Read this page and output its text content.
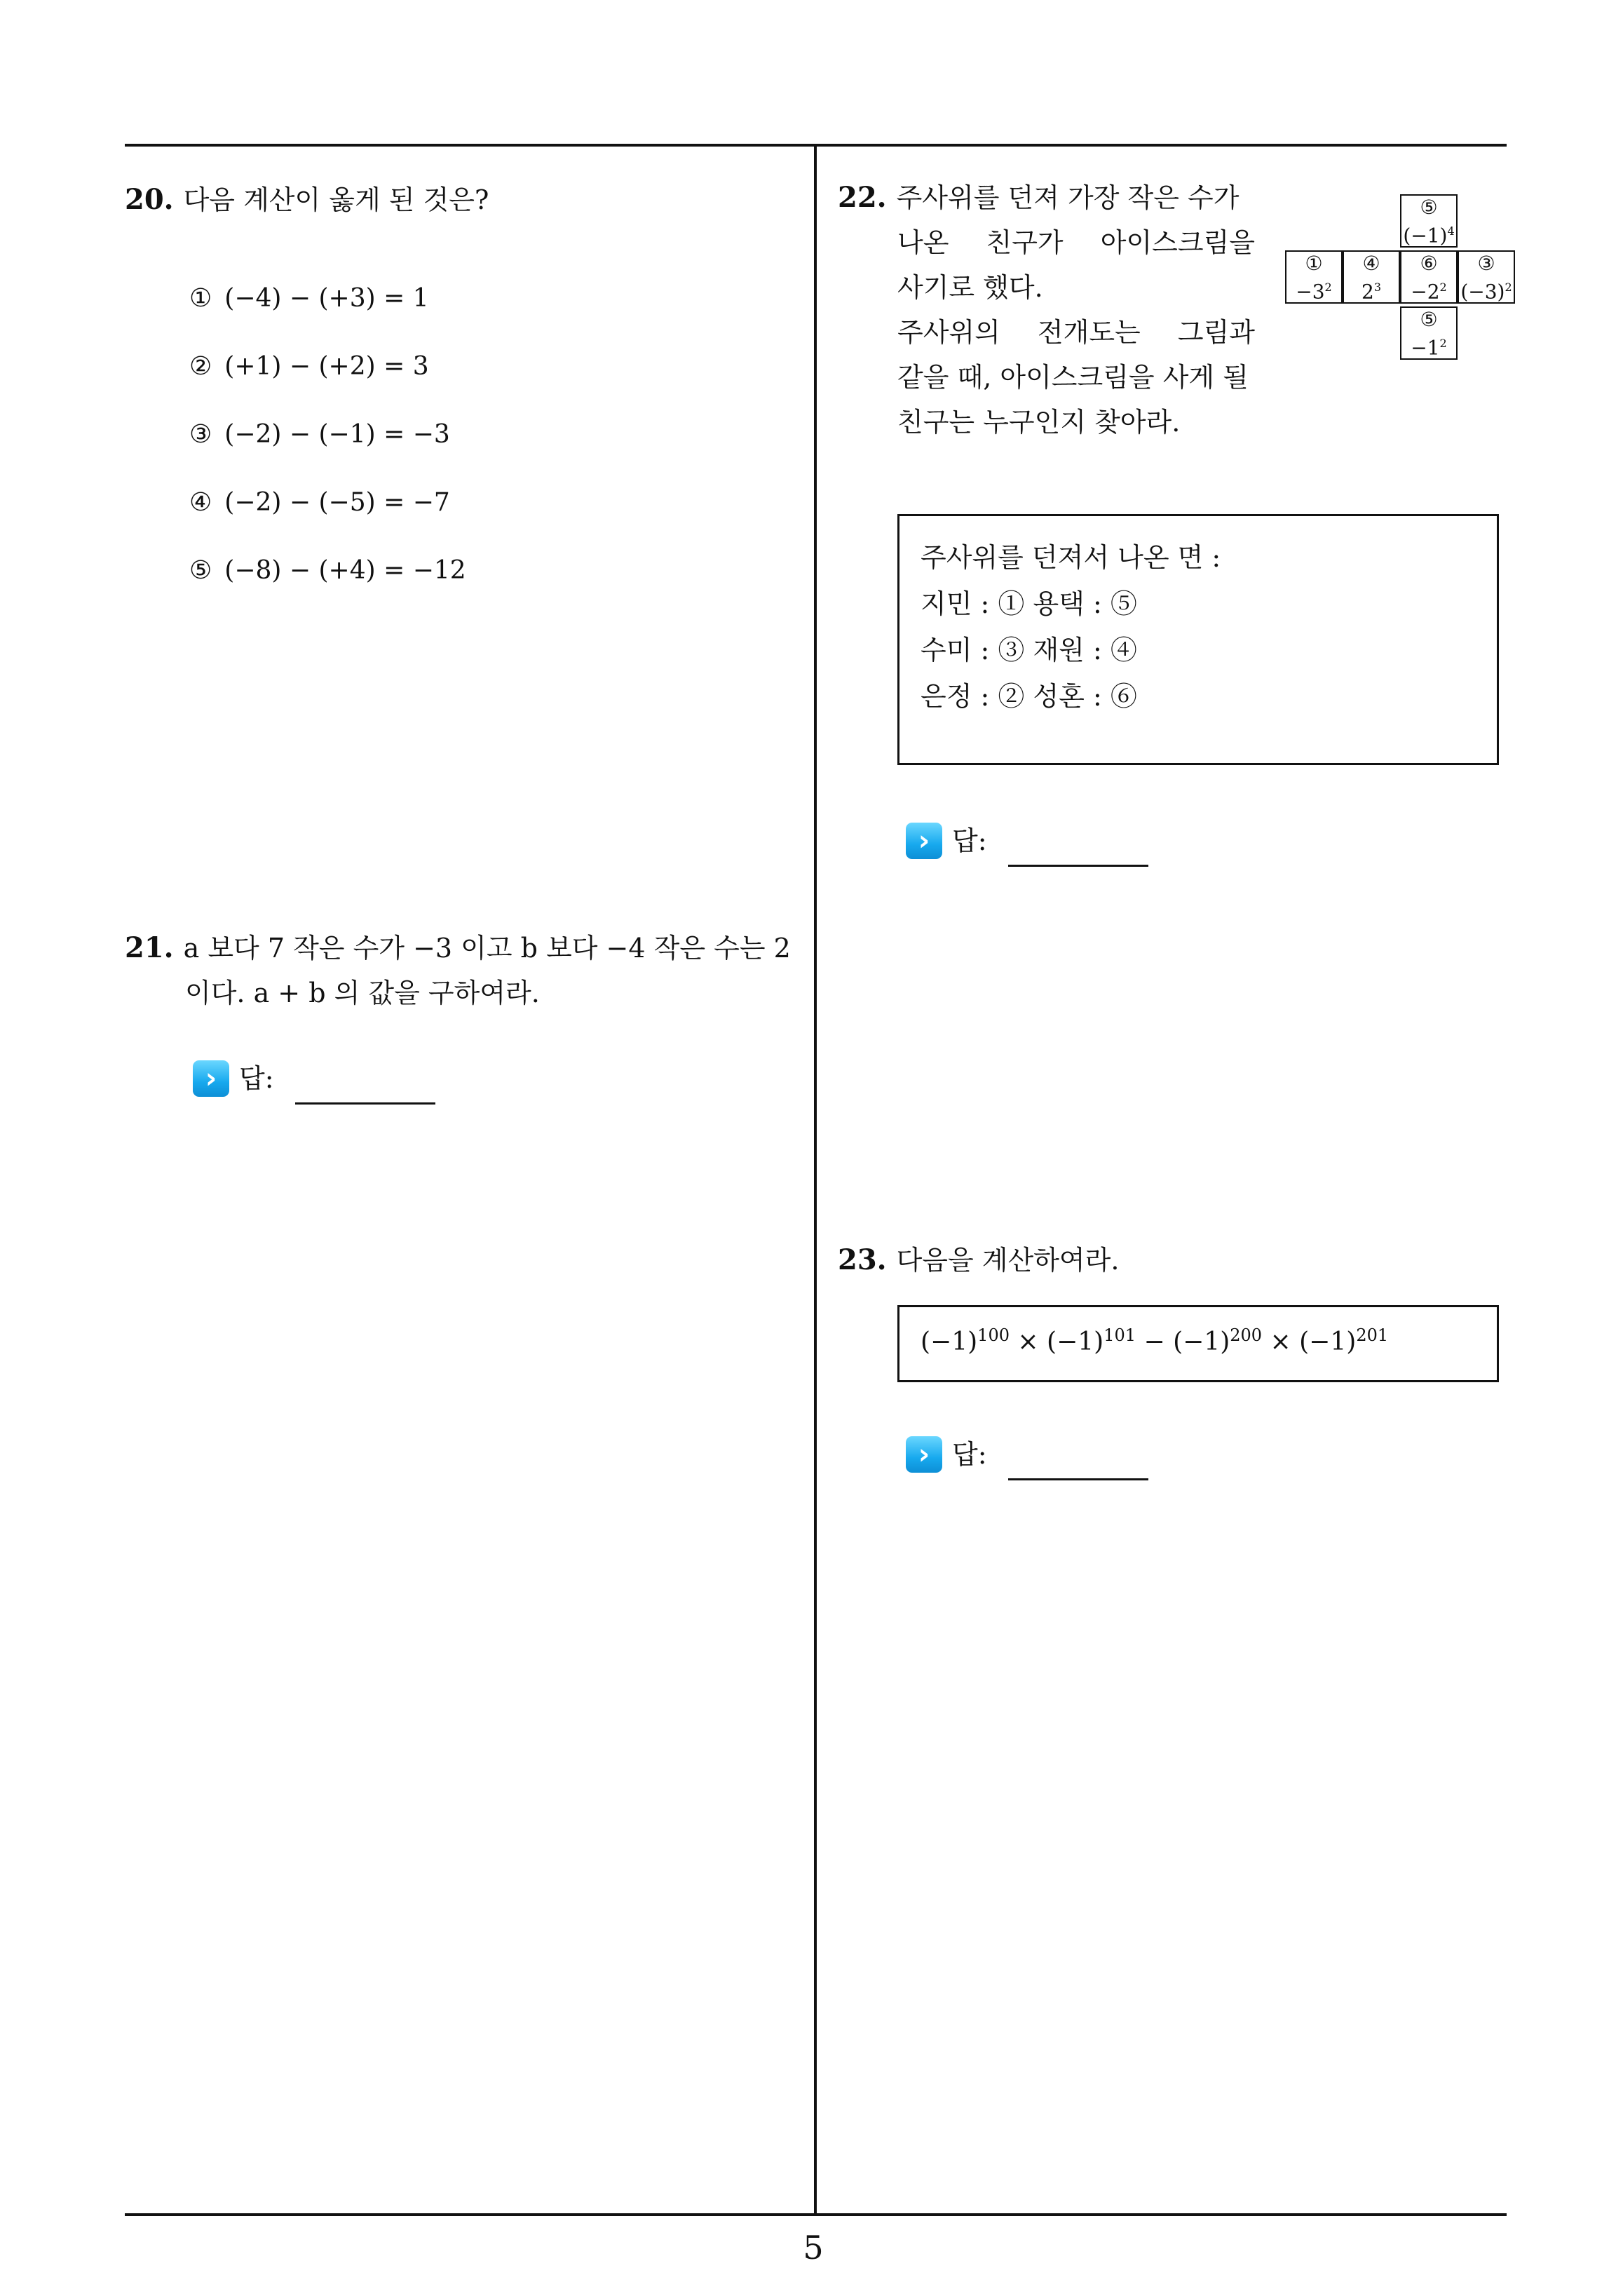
20. 다음 계산이 옳게 된 것은?
① (−4) − (+3) = 1
② (+1) − (+2) = 3
③ (−2) − (−1) = −3
④ (−2) − (−5) = −7
⑤ (−8) − (+4) = −12
21. a 보다 7 작은 수가 −3 이고 b 보다 −4 작은 수는 2
이다. a + b 의 값을 구하여라.
› 답:
22. 주사위를 던져 가장 작은 수가
나온 친구가 아이스크림을
사기로 했다.
주사위의 전개도는 그림과
같을 때, 아이스크림을 사게 될
친구는 누구인지 찾아라.
⑤
$(-1)^4$
①
$-3^2$
④
$2^3$
⑥
$-2^2$
③
$(-3)^2$
⑤
$-1^2$
주사위를 던져서 나온 면 :
지민 : ① 용택 : ⑤
수미 : ③ 재원 : ④
은정 : ② 성혼 : ⑥
› 답:
23. 다음을 계산하여라.
$(-1)^{100} \times (-1)^{101} - (-1)^{200} \times (-1)^{201}$
› 답:
5
